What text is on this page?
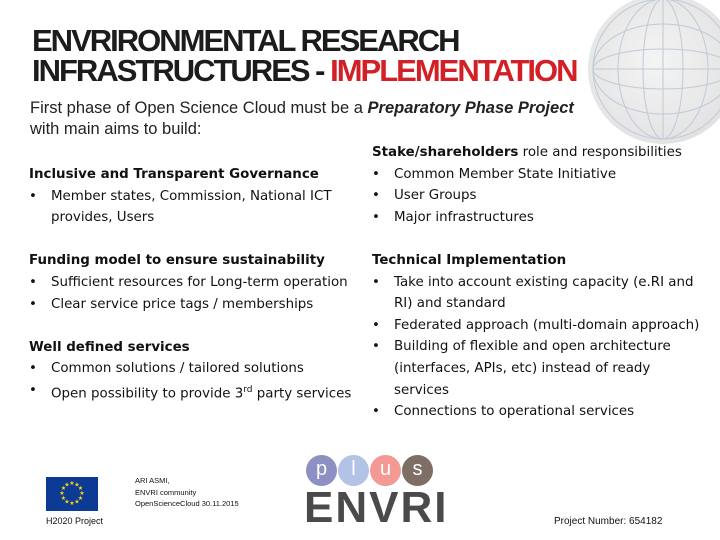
ENVRIRONMENTAL RESEARCH
INFRASTRUCTURES - IMPLEMENTATION
First phase of Open Science Cloud must be a Preparatory Phase Project
with main aims to build:
Inclusive and Transparent Governance
• Member states, Commission, National ICT provides, Users
Funding model to ensure sustainability
• Sufficient resources for Long-term operation
• Clear service price tags / memberships
Well defined services
• Common solutions / tailored solutions
• Open possibility to provide 3rd party services
Stake/shareholders role and responsibilities
• Common Member State Initiative
• User Groups
• Major infrastructures
Technical Implementation
• Take into account existing capacity (e.RI and RI) and standard
• Federated approach (multi-domain approach)
• Building of flexible and open architecture (interfaces, APIs, etc) instead of ready services
• Connections to operational services
★ ★
★
★
★
★
★
★
★
★
★
★
H2020 Project
ARI ASMI,
ENVRI community
OpenScienceCloud 30.11.2015
p	l	u	s
ENVRI	Project Number: 654182
